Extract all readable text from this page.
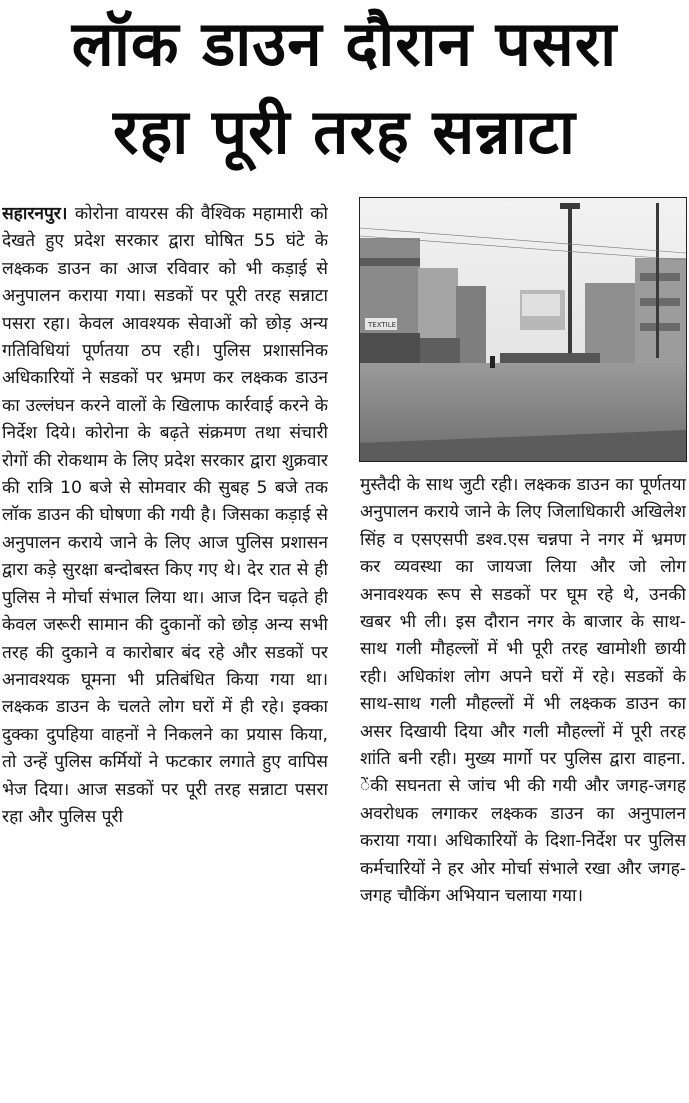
लॉक डाउन दौरान पसरा
रहा पूरी तरह सन्नाटा
सहारनपुर। कोरोना वायरस की वैश्विक महामारी को देखते हुए प्रदेश सरकार द्वारा घोषित 55 घंटे के लक्ष्कक डाउन का आज रविवार को भी कड़ाई से अनुपालन कराया गया। सडकों पर पूरी तरह सन्नाटा पसरा रहा। केवल आवश्यक सेवाओं को छोड़ अन्य गतिविधियां पूर्णतया ठप रही। पुलिस प्रशासनिक अधिकारियों ने सडकों पर भ्रमण कर लक्ष्कक डाउन का उल्लंघन करने वालों के खिलाफ कार्रवाई करने के निर्देश दिये। कोरोना के बढ़ते संक्रमण तथा संचारी रोगों की रोकथाम के लिए प्रदेश सरकार द्वारा शुक्रवार की रात्रि 10 बजे से सोमवार की सुबह 5 बजे तक लॉक डाउन की घोषणा की गयी है। जिसका कड़ाई से अनुपालन कराये जाने के लिए आज पुलिस प्रशासन द्वारा कड़े सुरक्षा बन्दोबस्त किए गए थे। देर रात से ही पुलिस ने मोर्चा संभाल लिया था। आज दिन चढ़ते ही केवल जरूरी सामान की दुकानों को छोड़ अन्य सभी तरह की दुकाने व कारोबार बंद रहे और सडकों पर अनावश्यक घूमना भी प्रतिबंधित किया गया था। लक्ष्कक डाउन के चलते लोग घरों में ही रहे। इक्का दुक्का दुपहिया वाहनों ने निकलने का प्रयास किया, तो उन्हें पुलिस कर्मियों ने फटकार लगाते हुए वापिस भेज दिया। आज सडकों पर पूरी तरह सन्नाटा पसरा रहा और पुलिस पूरी
TEXTILE
मुस्तैदी के साथ जुटी रही। लक्ष्कक डाउन का पूर्णतया अनुपालन कराये जाने के लिए जिलाधिकारी अखिलेश सिंह व एसएसपी डश्व.एस चन्नपा ने नगर में भ्रमण कर व्यवस्था का जायजा लिया और जो लोग अनावश्यक रूप से सडकों पर घूम रहे थे, उनकी खबर भी ली। इस दौरान नगर के बाजार के साथ-साथ गली मौहल्लों में भी पूरी तरह खामोशी छायी रही। अधिकांश लोग अपने घरों में रहे। सडकों के साथ-साथ गली मौहल्लों में भी लक्ष्कक डाउन का असर दिखायी दिया और गली मौहल्लों में पूरी तरह शांति बनी रही। मुख्य मार्गो पर पुलिस द्वारा वाहना. ेंकी सघनता से जांच भी की गयी और जगह-जगह अवरोधक लगाकर लक्ष्कक डाउन का अनुपालन कराया गया। अधिकारियों के दिशा-निर्देश पर पुलिस कर्मचारियों ने हर ओर मोर्चा संभाले रखा और जगह-जगह चौकिंग अभियान चलाया गया।
